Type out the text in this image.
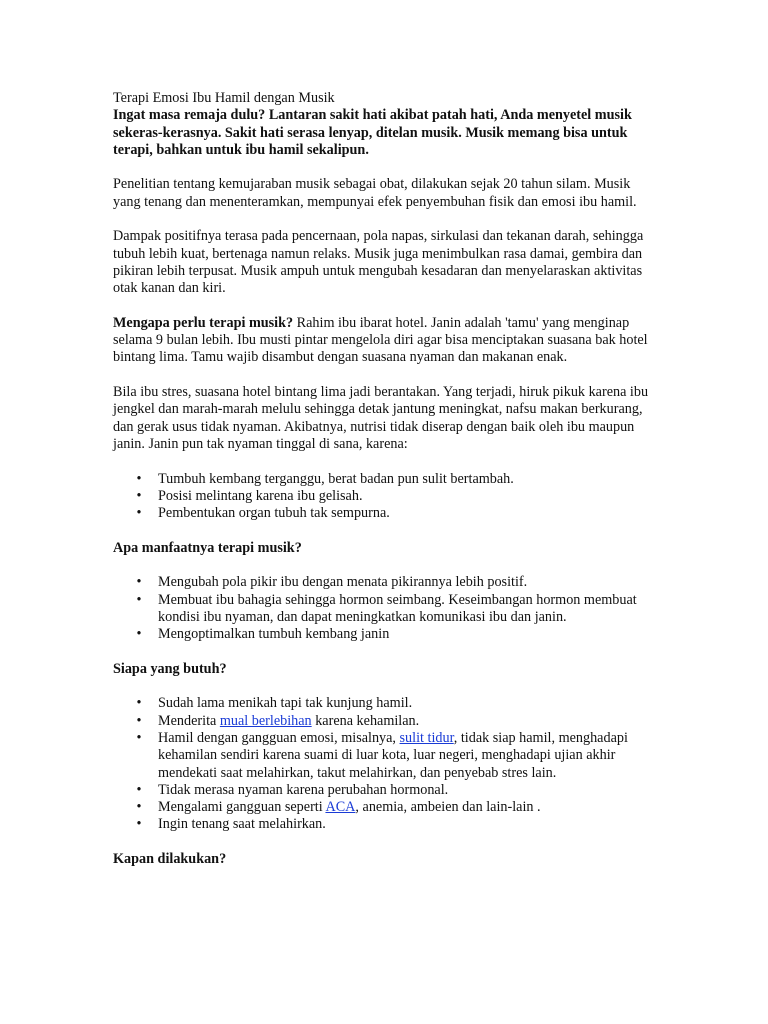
Terapi Emosi Ibu Hamil dengan Musik

Ingat masa remaja dulu? Lantaran sakit hati akibat patah hati, Anda menyetel musik sekeras-kerasnya. Sakit hati serasa lenyap, ditelan musik. Musik memang bisa untuk terapi, bahkan untuk ibu hamil sekalipun.

Penelitian tentang kemujaraban musik sebagai obat, dilakukan sejak 20 tahun silam. Musik yang tenang dan menenteramkan, mempunyai efek penyembuhan fisik dan emosi ibu hamil.

Dampak positifnya terasa pada pencernaan, pola napas, sirkulasi dan tekanan darah, sehingga tubuh lebih kuat, bertenaga namun relaks. Musik juga menimbulkan rasa damai, gembira dan pikiran lebih terpusat. Musik ampuh untuk mengubah kesadaran dan menyelaraskan aktivitas otak kanan dan kiri.

Mengapa perlu terapi musik? Rahim ibu ibarat hotel. Janin adalah 'tamu' yang menginap selama 9 bulan lebih. Ibu musti pintar mengelola diri agar bisa menciptakan suasana bak hotel bintang lima. Tamu wajib disambut dengan suasana nyaman dan makanan enak.

Bila ibu stres, suasana hotel bintang lima jadi berantakan. Yang terjadi, hiruk pikuk karena ibu jengkel dan marah-marah melulu sehingga detak jantung meningkat, nafsu makan berkurang, dan gerak usus tidak nyaman. Akibatnya, nutrisi tidak diserap dengan baik oleh ibu maupun janin. Janin pun tak nyaman tinggal di sana, karena:

• Tumbuh kembang terganggu, berat badan pun sulit bertambah.
• Posisi melintang karena ibu gelisah.
• Pembentukan organ tubuh tak sempurna.

Apa manfaatnya terapi musik?

• Mengubah pola pikir ibu dengan menata pikirannya lebih positif.
• Membuat ibu bahagia sehingga hormon seimbang. Keseimbangan hormon membuat kondisi ibu nyaman, dan dapat meningkatkan komunikasi ibu dan janin.
• Mengoptimalkan tumbuh kembang janin

Siapa yang butuh?

• Sudah lama menikah tapi tak kunjung hamil.
• Menderita mual berlebihan karena kehamilan.
• Hamil dengan gangguan emosi, misalnya, sulit tidur, tidak siap hamil, menghadapi kehamilan sendiri karena suami di luar kota, luar negeri, menghadapi ujian akhir mendekati saat melahirkan, takut melahirkan, dan penyebab stres lain.
• Tidak merasa nyaman karena perubahan hormonal.
• Mengalami gangguan seperti ACA, anemia, ambeien dan lain-lain .
• Ingin tenang saat melahirkan.

Kapan dilakukan?
